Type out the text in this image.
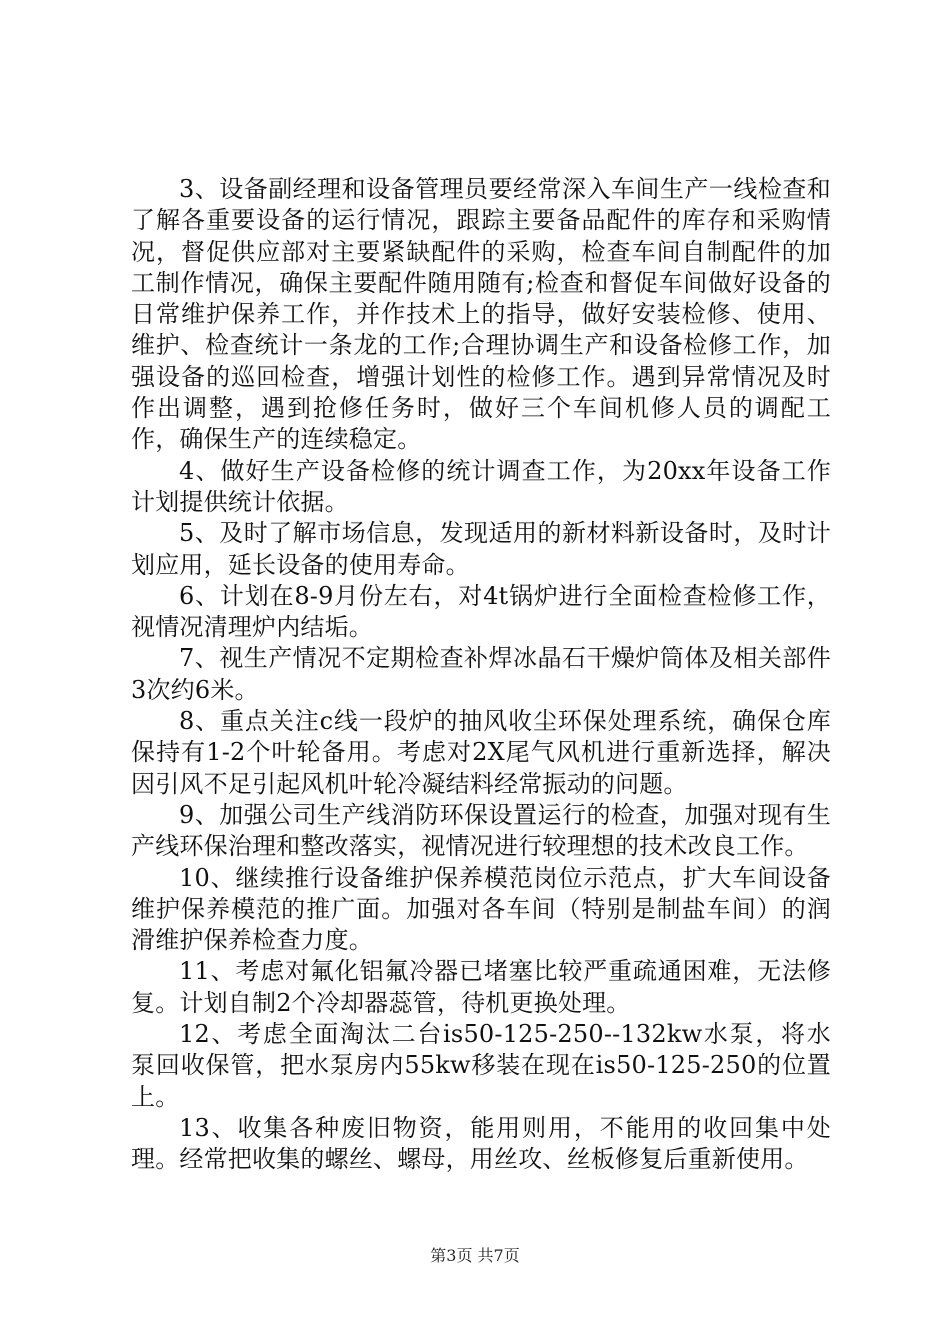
3、设备副经理和设备管理员要经常深入车间生产一线检查和了解各重要设备的运行情况，跟踪主要备品配件的库存和采购情况，督促供应部对主要紧缺配件的采购，检查车间自制配件的加工制作情况，确保主要配件随用随有;检查和督促车间做好设备的日常维护保养工作，并作技术上的指导，做好安装检修、使用、维护、检查统计一条龙的工作;合理协调生产和设备检修工作，加强设备的巡回检查，增强计划性的检修工作。遇到异常情况及时作出调整，遇到抢修任务时，做好三个车间机修人员的调配工作，确保生产的连续稳定。

4、做好生产设备检修的统计调查工作，为20xx年设备工作计划提供统计依据。

5、及时了解市场信息，发现适用的新材料新设备时，及时计划应用，延长设备的使用寿命。

6、计划在8-9月份左右，对4t锅炉进行全面检查检修工作，视情况清理炉内结垢。

7、视生产情况不定期检查补焊冰晶石干燥炉筒体及相关部件3次约6米。

8、重点关注c线一段炉的抽风收尘环保处理系统，确保仓库保持有1-2个叶轮备用。考虑对2X尾气风机进行重新选择，解决因引风不足引起风机叶轮冷凝结料经常振动的问题。

9、加强公司生产线消防环保设置运行的检查，加强对现有生产线环保治理和整改落实，视情况进行较理想的技术改良工作。

10、继续推行设备维护保养模范岗位示范点，扩大车间设备维护保养模范的推广面。加强对各车间（特别是制盐车间）的润滑维护保养检查力度。

11、考虑对氟化铝氟冷器已堵塞比较严重疏通困难，无法修复。计划自制2个冷却器蕊管，待机更换处理。

12、考虑全面淘汰二台is50-125-250--132kw水泵，将水泵回收保管，把水泵房内55kw移装在现在is50-125-250的位置上。

13、收集各种废旧物资，能用则用，不能用的收回集中处理。经常把收集的螺丝、螺母，用丝攻、丝板修复后重新使用。

第3页 共7页
